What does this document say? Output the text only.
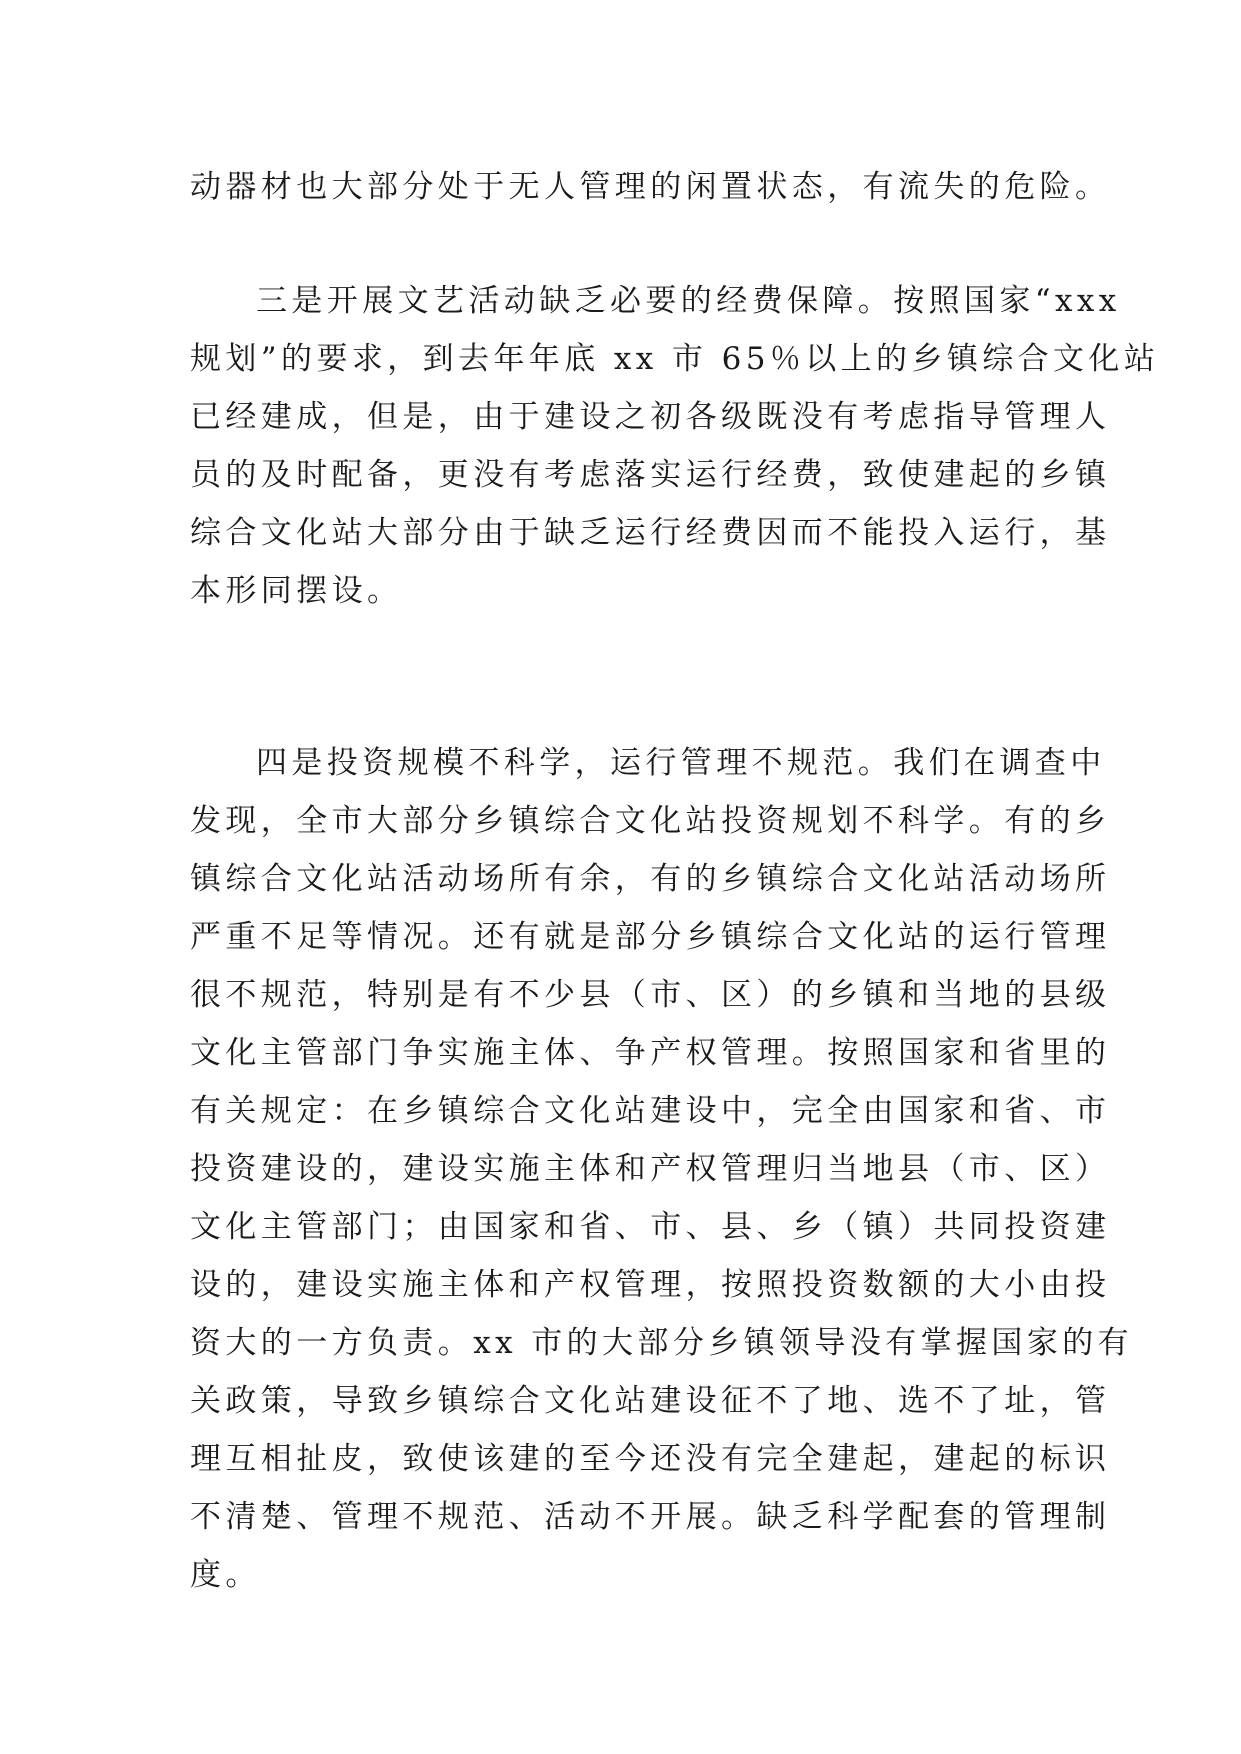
动器材也大部分处于无人管理的闲置状态，有流失的危险。
三是开展文艺活动缺乏必要的经费保障。按照国家“xxx
规划”的要求，到去年年底 xx 市 65％以上的乡镇综合文化站
已经建成，但是，由于建设之初各级既没有考虑指导管理人
员的及时配备，更没有考虑落实运行经费，致使建起的乡镇
综合文化站大部分由于缺乏运行经费因而不能投入运行，基
本形同摆设。
四是投资规模不科学，运行管理不规范。我们在调查中
发现，全市大部分乡镇综合文化站投资规划不科学。有的乡
镇综合文化站活动场所有余，有的乡镇综合文化站活动场所
严重不足等情况。还有就是部分乡镇综合文化站的运行管理
很不规范，特别是有不少县（市、区）的乡镇和当地的县级
文化主管部门争实施主体、争产权管理。按照国家和省里的
有关规定：在乡镇综合文化站建设中，完全由国家和省、市
投资建设的，建设实施主体和产权管理归当地县（市、区）
文化主管部门；由国家和省、市、县、乡（镇）共同投资建
设的，建设实施主体和产权管理，按照投资数额的大小由投
资大的一方负责。xx 市的大部分乡镇领导没有掌握国家的有
关政策，导致乡镇综合文化站建设征不了地、选不了址，管
理互相扯皮，致使该建的至今还没有完全建起，建起的标识
不清楚、管理不规范、活动不开展。缺乏科学配套的管理制
度。
